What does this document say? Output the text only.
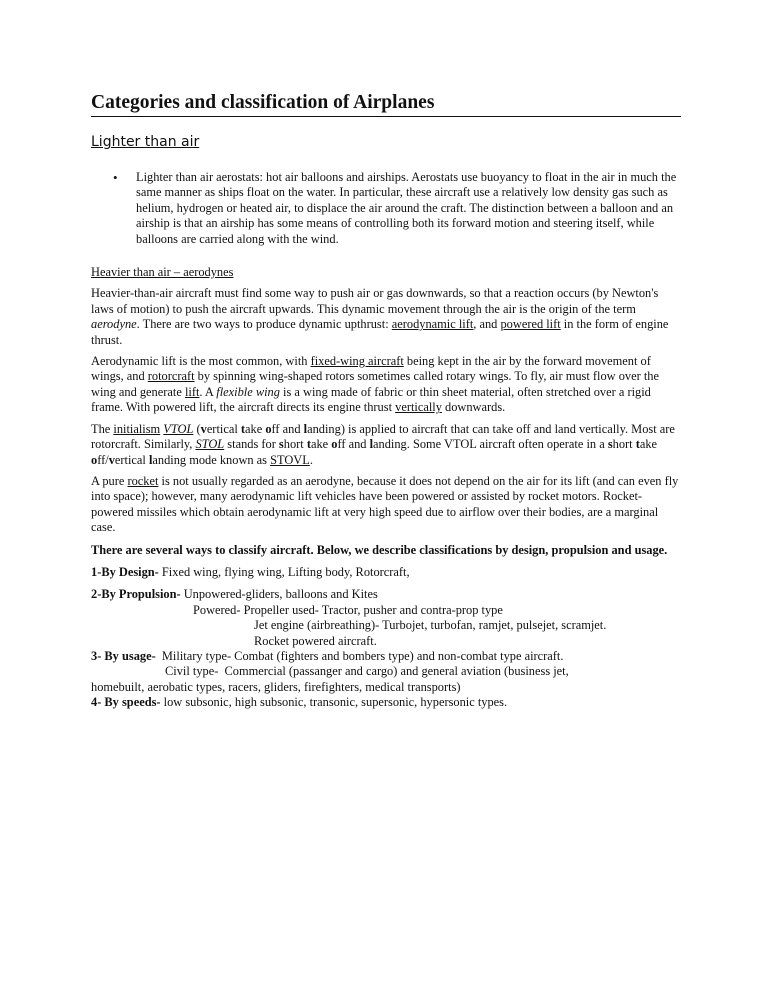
Categories and classification of Airplanes
Lighter than air
• Lighter than air aerostats: hot air balloons and airships. Aerostats use buoyancy to float in the air in much the same manner as ships float on the water. In particular, these aircraft use a relatively low density gas such as helium, hydrogen or heated air, to displace the air around the craft. The distinction between a balloon and an airship is that an airship has some means of controlling both its forward motion and steering itself, while balloons are carried along with the wind.
Heavier than air – aerodynes

Heavier-than-air aircraft must find some way to push air or gas downwards, so that a reaction occurs (by Newton's laws of motion) to push the aircraft upwards. This dynamic movement through the air is the origin of the term aerodyne. There are two ways to produce dynamic upthrust: aerodynamic lift, and powered lift in the form of engine thrust.

Aerodynamic lift is the most common, with fixed-wing aircraft being kept in the air by the forward movement of wings, and rotorcraft by spinning wing-shaped rotors sometimes called rotary wings. To fly, air must flow over the wing and generate lift. A flexible wing is a wing made of fabric or thin sheet material, often stretched over a rigid frame. With powered lift, the aircraft directs its engine thrust vertically downwards.

The initialism VTOL (vertical take off and landing) is applied to aircraft that can take off and land vertically. Most are rotorcraft. Similarly, STOL stands for short take off and landing. Some VTOL aircraft often operate in a short take off/vertical landing mode known as STOVL.

A pure rocket is not usually regarded as an aerodyne, because it does not depend on the air for its lift (and can even fly into space); however, many aerodynamic lift vehicles have been powered or assisted by rocket motors. Rocket-powered missiles which obtain aerodynamic lift at very high speed due to airflow over their bodies, are a marginal case.

There are several ways to classify aircraft. Below, we describe classifications by design, propulsion and usage.

1-By Design- Fixed wing, flying wing, Lifting body, Rotorcraft,

2-By Propulsion- Unpowered-gliders, balloons and Kites

Powered- Propeller used- Tractor, pusher and contra-prop type
Jet engine (airbreathing)- Turbojet, turbofan, ramjet, pulsejet, scramjet.
Rocket powered aircraft.
3- By usage-  Military type- Combat (fighters and bombers type) and non-combat type aircraft.
Civil type-  Commercial (passanger and cargo) and general aviation (business jet,
homebuilt, aerobatic types, racers, gliders, firefighters, medical transports)
4- By speeds- low subsonic, high subsonic, transonic, supersonic, hypersonic types.
